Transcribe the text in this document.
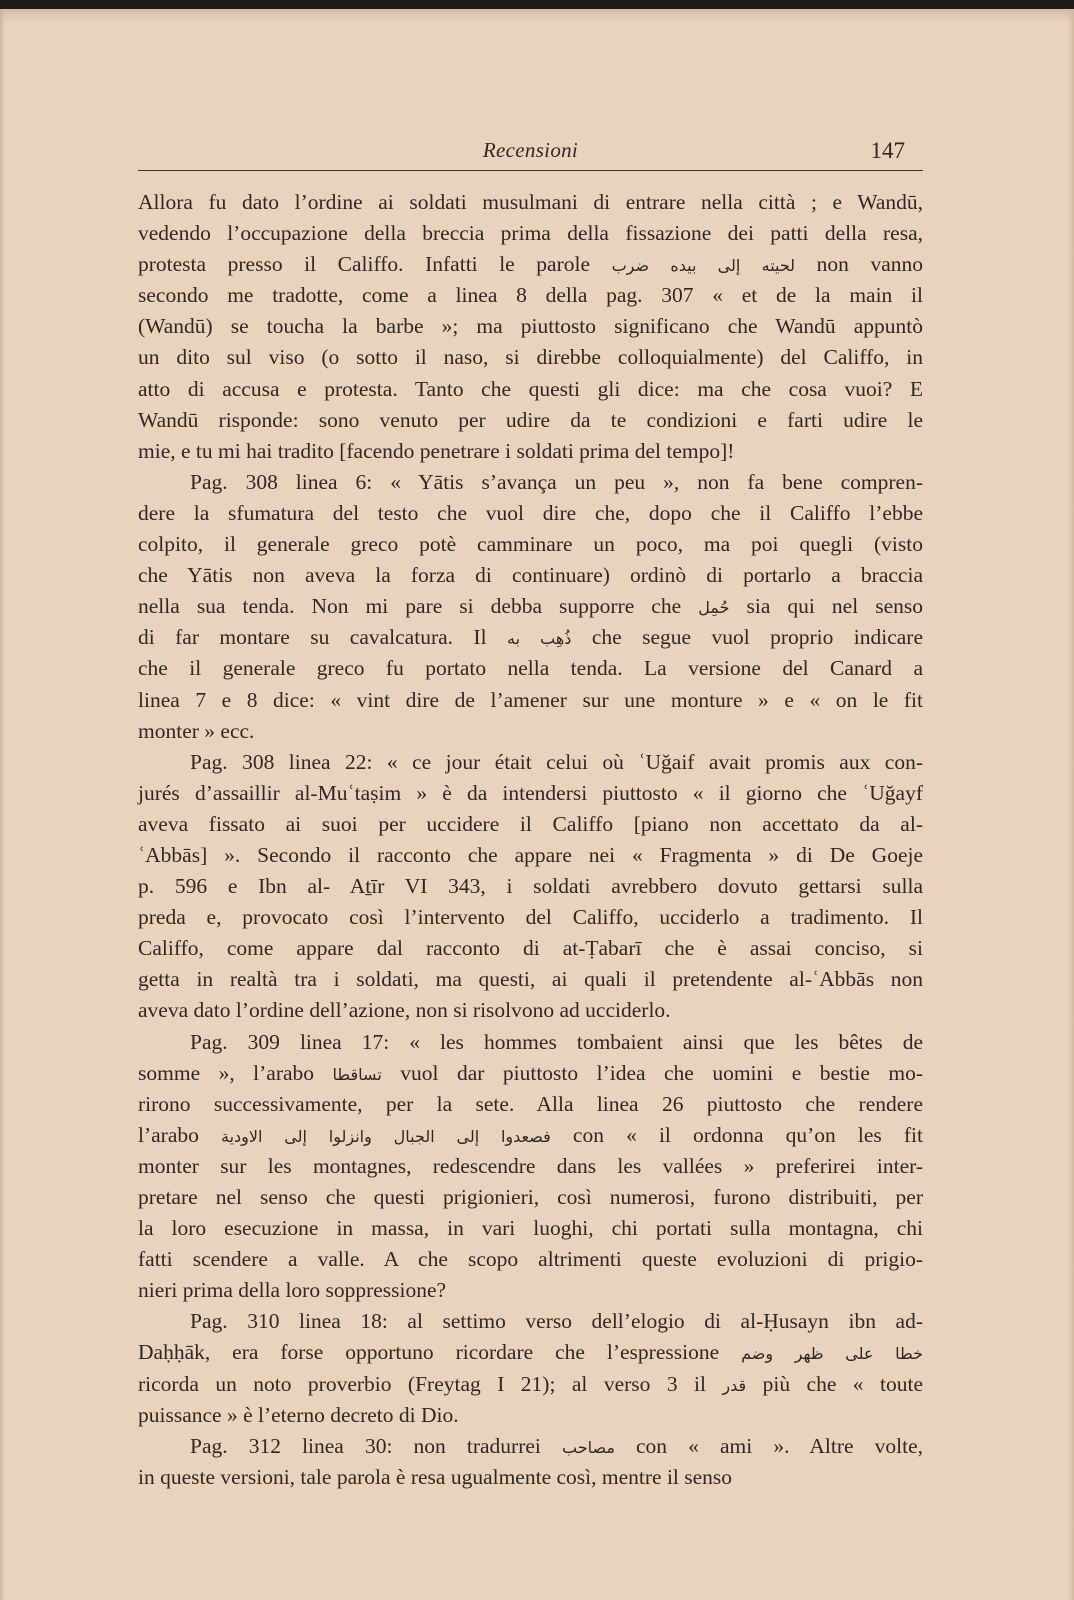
Recensioni	147
Allora fu dato l’ordine ai soldati musulmani di entrare nella città ; e Wandū,
vedendo l’occupazione della breccia prima della fissazione dei patti della resa,
protesta presso il Califfo. Infatti le parole لحيته إلى بيده ضرب non vanno
secondo me tradotte, come a linea 8 della pag. 307 « et de la main il
(Wandū) se toucha la barbe »; ma piuttosto significano che Wandū appuntò
un dito sul viso (o sotto il naso, si direbbe colloquialmente) del Califfo, in
atto di accusa e protesta. Tanto che questi gli dice: ma che cosa vuoi? E
Wandū risponde: sono venuto per udire da te condizioni e farti udire le
mie, e tu mi hai tradito [facendo penetrare i soldati prima del tempo]!
Pag. 308 linea 6: « Yātis s’avança un peu », non fa bene compren-
dere la sfumatura del testo che vuol dire che, dopo che il Califfo l’ebbe
colpito, il generale greco potè camminare un poco, ma poi quegli (visto
che Yātis non aveva la forza di continuare) ordinò di portarlo a braccia
nella sua tenda. Non mi pare si debba supporre che حُمِل sia qui nel senso
di far montare su cavalcatura. Il ذُهِب به che segue vuol proprio indicare
che il generale greco fu portato nella tenda. La versione del Canard a
linea 7 e 8 dice: « vint dire de l’amener sur une monture » e « on le fit
monter » ecc.
Pag. 308 linea 22: « ce jour était celui où ʿUğaif avait promis aux con-
jurés d’assaillir al-Muʿtaṣim » è da intendersi piuttosto « il giorno che ʿUğayf
aveva fissato ai suoi per uccidere il Califfo [piano non accettato da al-
ʿAbbās] ». Secondo il racconto che appare nei « Fragmenta » di De Goeje
p. 596 e Ibn al- Aṯīr VI 343, i soldati avrebbero dovuto gettarsi sulla
preda e, provocato così l’intervento del Califfo, ucciderlo a tradimento. Il
Califfo, come appare dal racconto di at-Ṭabarī che è assai conciso, si
getta in realtà tra i soldati, ma questi, ai quali il pretendente al-ʿAbbās non
aveva dato l’ordine dell’azione, non si risolvono ad ucciderlo.
Pag. 309 linea 17: « les hommes tombaient ainsi que les bêtes de
somme », l’arabo تساقطا vuol dar piuttosto l’idea che uomini e bestie mo-
rirono successivamente, per la sete. Alla linea 26 piuttosto che rendere
l’arabo فصعدوا إلى الجبال وانزلوا إلى الاودية con « il ordonna qu’on les fit
monter sur les montagnes, redescendre dans les vallées » preferirei inter-
pretare nel senso che questi prigionieri, così numerosi, furono distribuiti, per
la loro esecuzione in massa, in vari luoghi, chi portati sulla montagna, chi
fatti scendere a valle. A che scopo altrimenti queste evoluzioni di prigio-
nieri prima della loro soppressione?
Pag. 310 linea 18: al settimo verso dell’elogio di al-Ḥusayn ibn ad-
Daḥḥāk, era forse opportuno ricordare che l’espressione خطا على ظهر وضم
ricorda un noto proverbio (Freytag I 21); al verso 3 il قدر più che « toute
puissance » è l’eterno decreto di Dio.
Pag. 312 linea 30: non tradurrei مصاحب con « ami ». Altre volte,
in queste versioni, tale parola è resa ugualmente così, mentre il senso
